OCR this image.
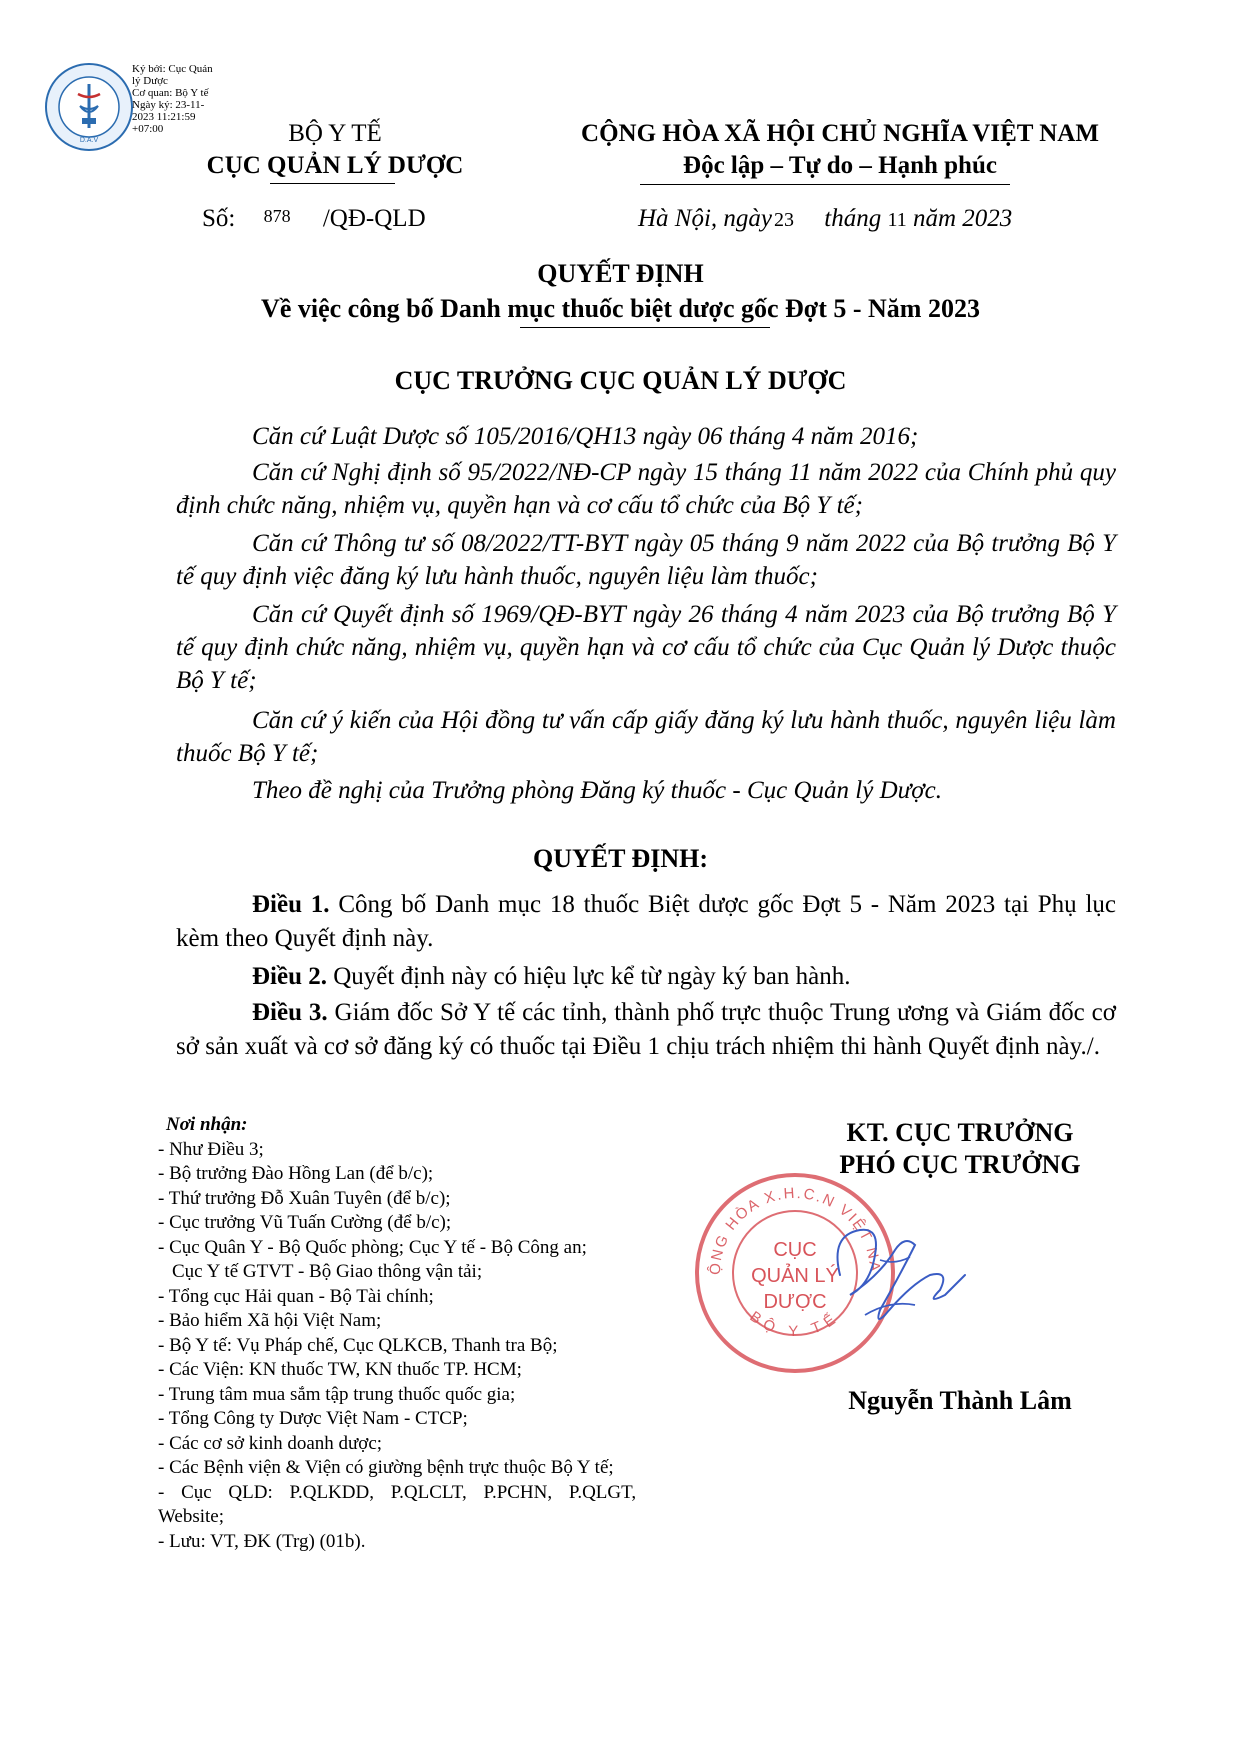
D.A.V
Ký bởi: Cục Quản
lý Dược
Cơ quan: Bộ Y tế
Ngày ký: 23-11-
2023 11:21:59
+07:00	BỘ Y TẾ
CỤC QUẢN LÝ DƯỢC
Số: 878 /QĐ-QLD
CỘNG HÒA XÃ HỘI CHỦ NGHĨA VIỆT NAM
Độc lập – Tự do – Hạnh phúc
Hà Nội, ngày 23 tháng 11 năm 2023
QUYẾT ĐỊNH
Về việc công bố Danh mục thuốc biệt dược gốc Đợt 5 - Năm 2023
CỤC TRƯỞNG CỤC QUẢN LÝ DƯỢC
Căn cứ Luật Dược số 105/2016/QH13 ngày 06 tháng 4 năm 2016;
Căn cứ Nghị định số 95/2022/NĐ-CP ngày 15 tháng 11 năm 2022 của Chính phủ quy định chức năng, nhiệm vụ, quyền hạn và cơ cấu tổ chức của Bộ Y tế;
Căn cứ Thông tư số 08/2022/TT-BYT ngày 05 tháng 9 năm 2022 của Bộ trưởng Bộ Y tế quy định việc đăng ký lưu hành thuốc, nguyên liệu làm thuốc;
Căn cứ Quyết định số 1969/QĐ-BYT ngày 26 tháng 4 năm 2023 của Bộ trưởng Bộ Y tế quy định chức năng, nhiệm vụ, quyền hạn và cơ cấu tổ chức của Cục Quản lý Dược thuộc Bộ Y tế;
Căn cứ ý kiến của Hội đồng tư vấn cấp giấy đăng ký lưu hành thuốc, nguyên liệu làm thuốc Bộ Y tế;
Theo đề nghị của Trưởng phòng Đăng ký thuốc - Cục Quản lý Dược.
QUYẾT ĐỊNH:
Điều 1. Công bố Danh mục 18 thuốc Biệt dược gốc Đợt 5 - Năm 2023 tại Phụ lục kèm theo Quyết định này.
Điều 2. Quyết định này có hiệu lực kể từ ngày ký ban hành.
Điều 3. Giám đốc Sở Y tế các tỉnh, thành phố trực thuộc Trung ương và Giám đốc cơ sở sản xuất và cơ sở đăng ký có thuốc tại Điều 1 chịu trách nhiệm thi hành Quyết định này./.
Nơi nhận:
- Như Điều 3;
- Bộ trưởng Đào Hồng Lan (để b/c);
- Thứ trưởng Đỗ Xuân Tuyên (để b/c);
- Cục trưởng Vũ Tuấn Cường (để b/c);
- Cục Quân Y - Bộ Quốc phòng; Cục Y tế - Bộ Công an;
Cục Y tế GTVT - Bộ Giao thông vận tải;
- Tổng cục Hải quan - Bộ Tài chính;
- Bảo hiểm Xã hội Việt Nam;
- Bộ Y tế: Vụ Pháp chế, Cục QLKCB, Thanh tra Bộ;
- Các Viện: KN thuốc TW, KN thuốc TP. HCM;
- Trung tâm mua sắm tập trung thuốc quốc gia;
- Tổng Công ty Dược Việt Nam - CTCP;
- Các cơ sở kinh doanh dược;
- Các Bệnh viện & Viện có giường bệnh trực thuộc Bộ Y tế;
- Cục QLD: P.QLKDD, P.QLCLT, P.PCHN, P.QLGT,
Website;
- Lưu: VT, ĐK (Trg) (01b).
KT. CỤC TRƯỞNG
PHÓ CỤC TRƯỞNG
ỘNG HÒA X.H.C.N VIỆT NA
BỘ Y TẾ
CỤC
QUẢN LÝ
DƯỢC
Nguyễn Thành Lâm
